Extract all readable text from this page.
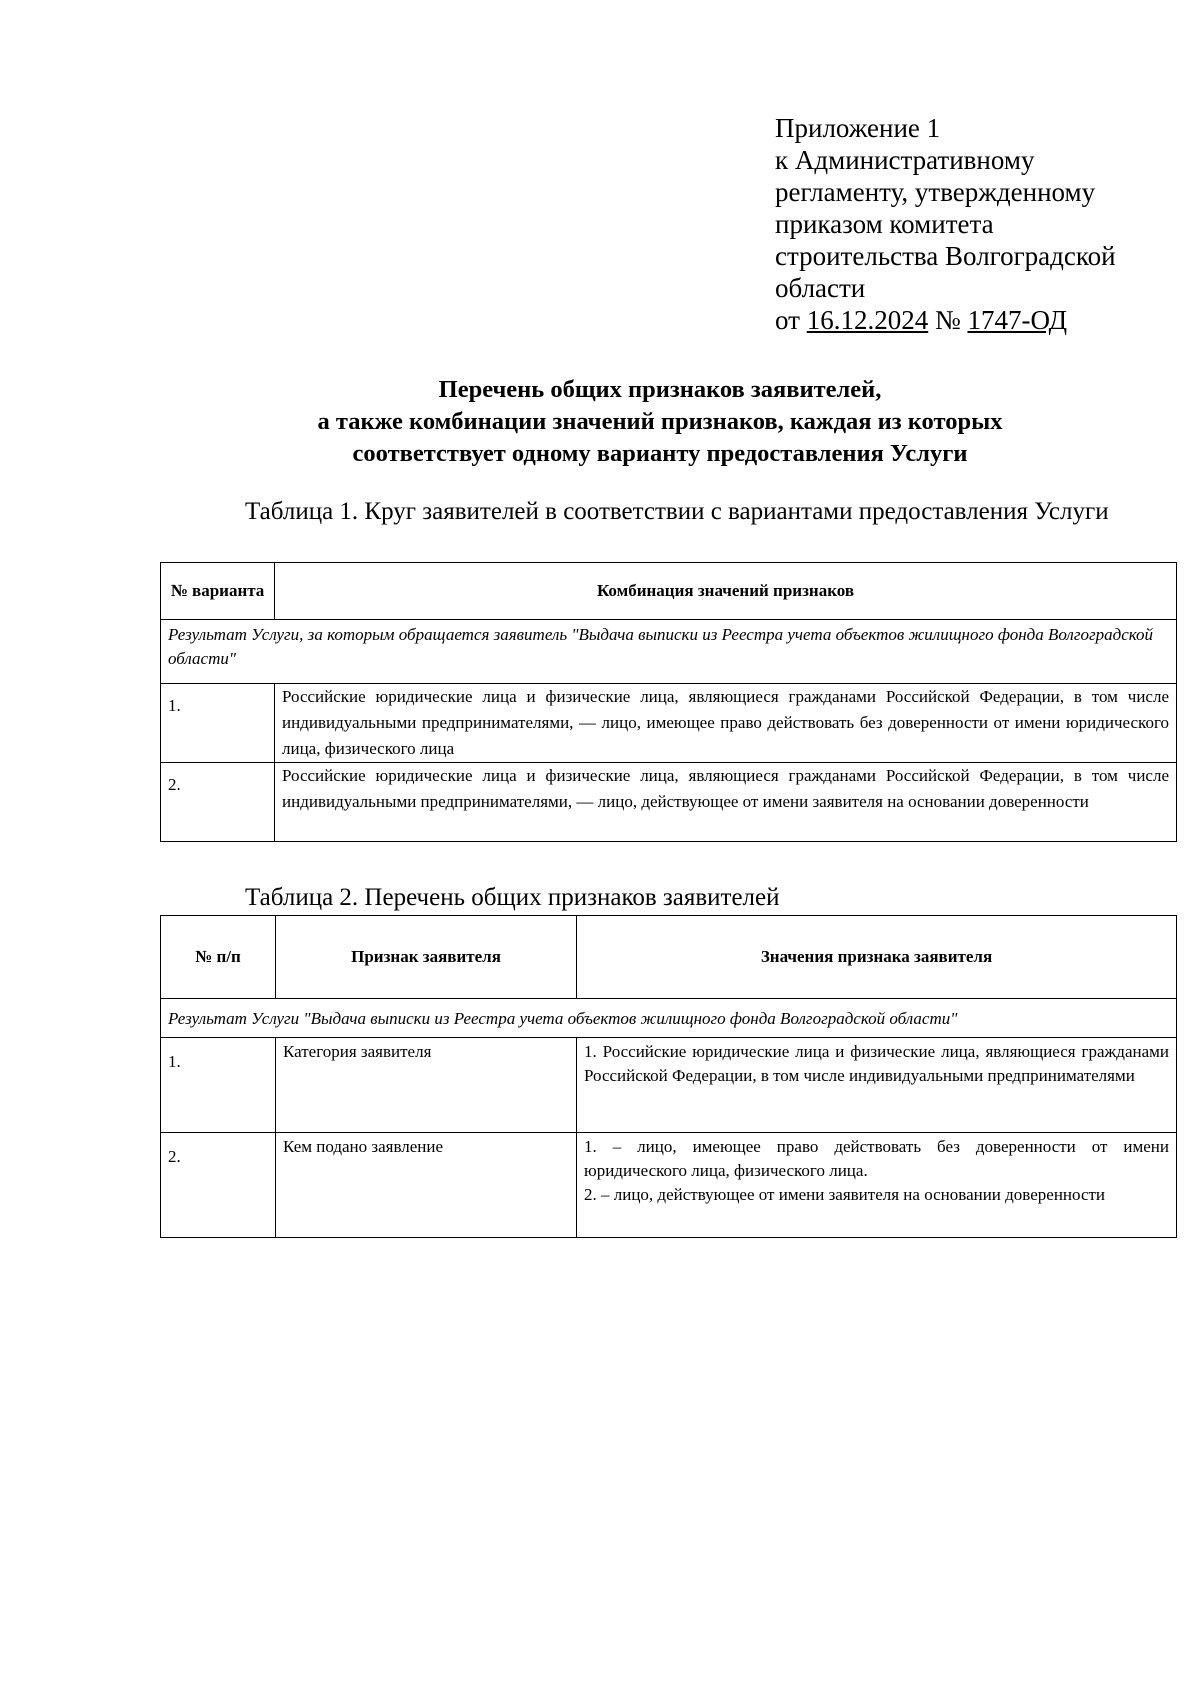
Приложение 1
к Административному
регламенту, утвержденному
приказом комитета
строительства Волгоградской
области
от 16.12.2024 № 1747-ОД
Перечень общих признаков заявителей,
а также комбинации значений признаков, каждая из которых
соответствует одному варианту предоставления Услуги
Таблица 1. Круг заявителей в соответствии с вариантами предоставления Услуги
№ варианта	Комбинация значений признаков
Результат Услуги, за которым обращается заявитель "Выдача выписки из Реестра учета объектов жилищного фонда Волгоградской области"	
1.	Российские юридические лица и физические лица, являющиеся гражданами Российской Федерации, в том числе индивидуальными предпринимателями, — лицо, имеющее право действовать без доверенности от имени юридического лица, физического лица
2.	Российские юридические лица и физические лица, являющиеся гражданами Российской Федерации, в том числе индивидуальными предпринимателями, — лицо, действующее от имени заявителя на основании доверенности
Таблица 2. Перечень общих признаков заявителей
№ п/п	Признак заявителя	Значения признака заявителя
Результат Услуги "Выдача выписки из Реестра учета объектов жилищного фонда Волгоградской области"		
1.	Категория заявителя	1. Российские юридические лица и физические лица, являющиеся гражданами Российской Федерации, в том числе индивидуальными предпринимателями

2.	Кем подано заявление	1. – лицо, имеющее право действовать без доверенности от имени юридического лица, физического лица.
2. – лицо, действующее от имени заявителя на основании доверенности
